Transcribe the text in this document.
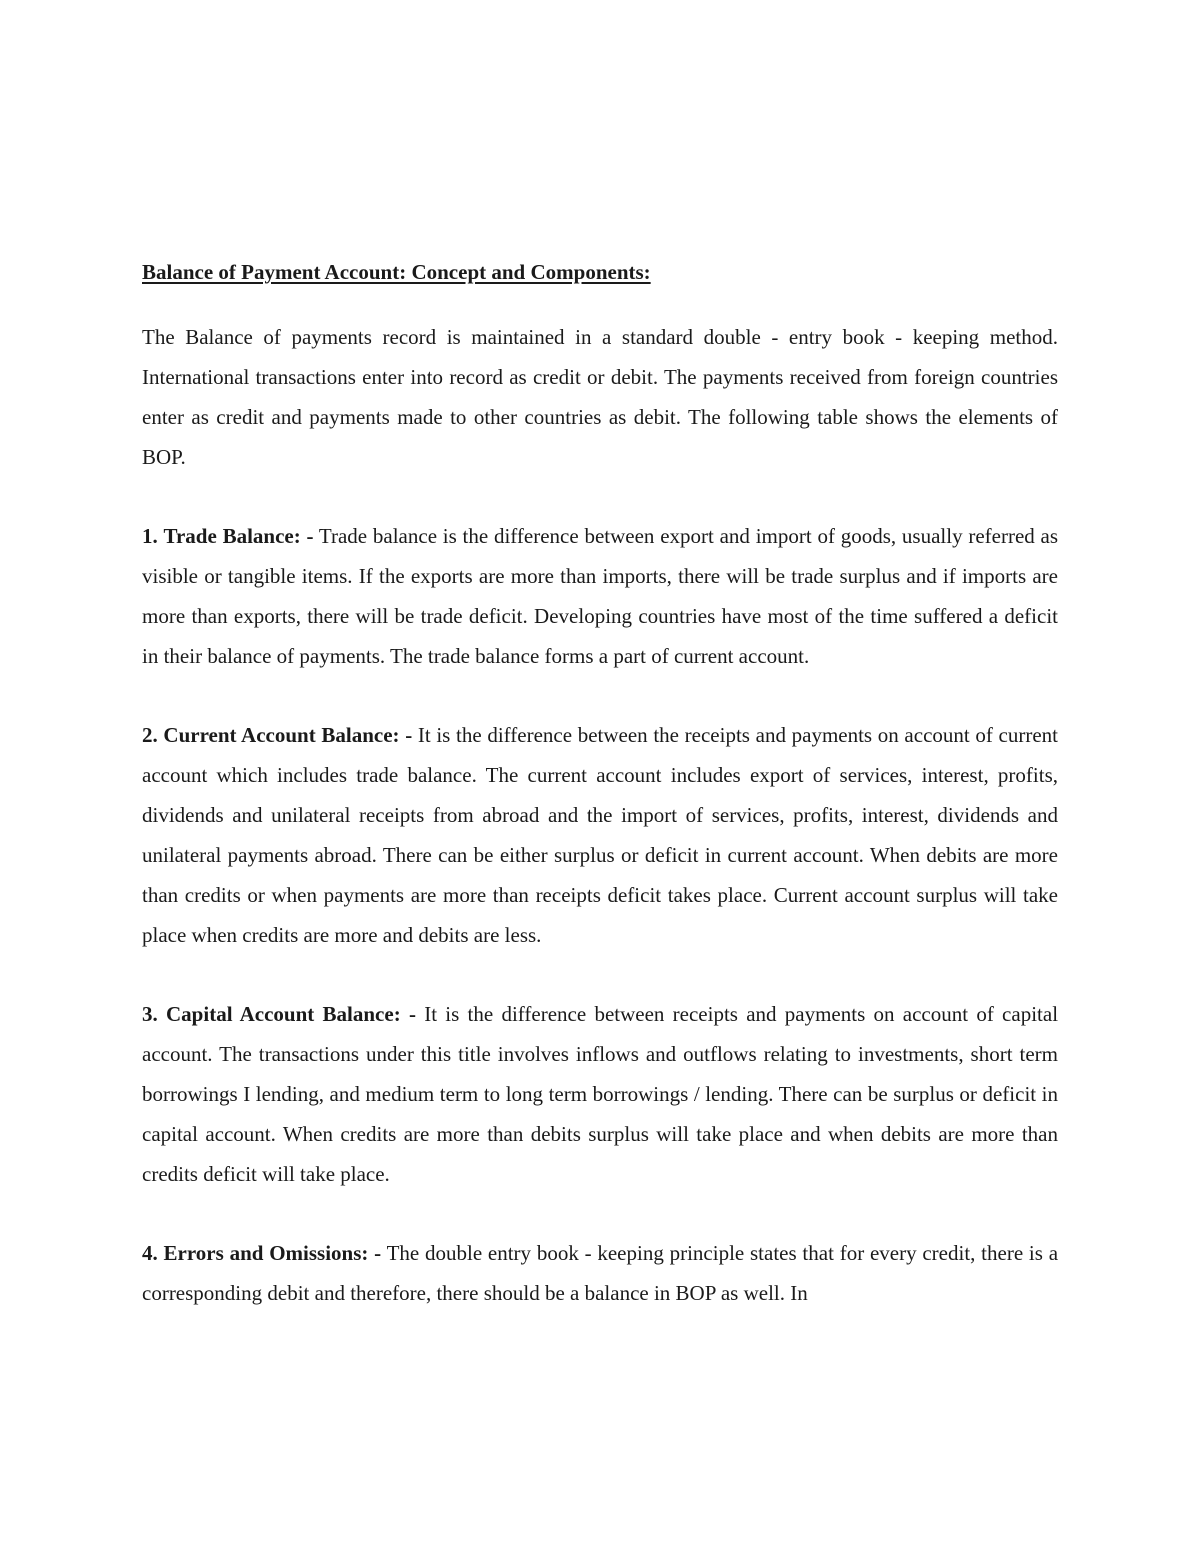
Balance of Payment Account: Concept and Components:

The Balance of payments record is maintained in a standard double - entry book - keeping method. International transactions enter into record as credit or debit. The payments received from foreign countries enter as credit and payments made to other countries as debit. The following table shows the elements of BOP.

1. Trade Balance: - Trade balance is the difference between export and import of goods, usually referred as visible or tangible items. If the exports are more than imports, there will be trade surplus and if imports are more than exports, there will be trade deficit. Developing countries have most of the time suffered a deficit in their balance of payments. The trade balance forms a part of current account.

2. Current Account Balance: - It is the difference between the receipts and payments on account of current account which includes trade balance. The current account includes export of services, interest, profits, dividends and unilateral receipts from abroad and the import of services, profits, interest, dividends and unilateral payments abroad. There can be either surplus or deficit in current account. When debits are more than credits or when payments are more than receipts deficit takes place. Current account surplus will take place when credits are more and debits are less.

3. Capital Account Balance: - It is the difference between receipts and payments on account of capital account. The transactions under this title involves inflows and outflows relating to investments, short term borrowings I lending, and medium term to long term borrowings / lending. There can be surplus or deficit in capital account. When credits are more than debits surplus will take place and when debits are more than credits deficit will take place.

4. Errors and Omissions: - The double entry book - keeping principle states that for every credit, there is a corresponding debit and therefore, there should be a balance in BOP as well. In
